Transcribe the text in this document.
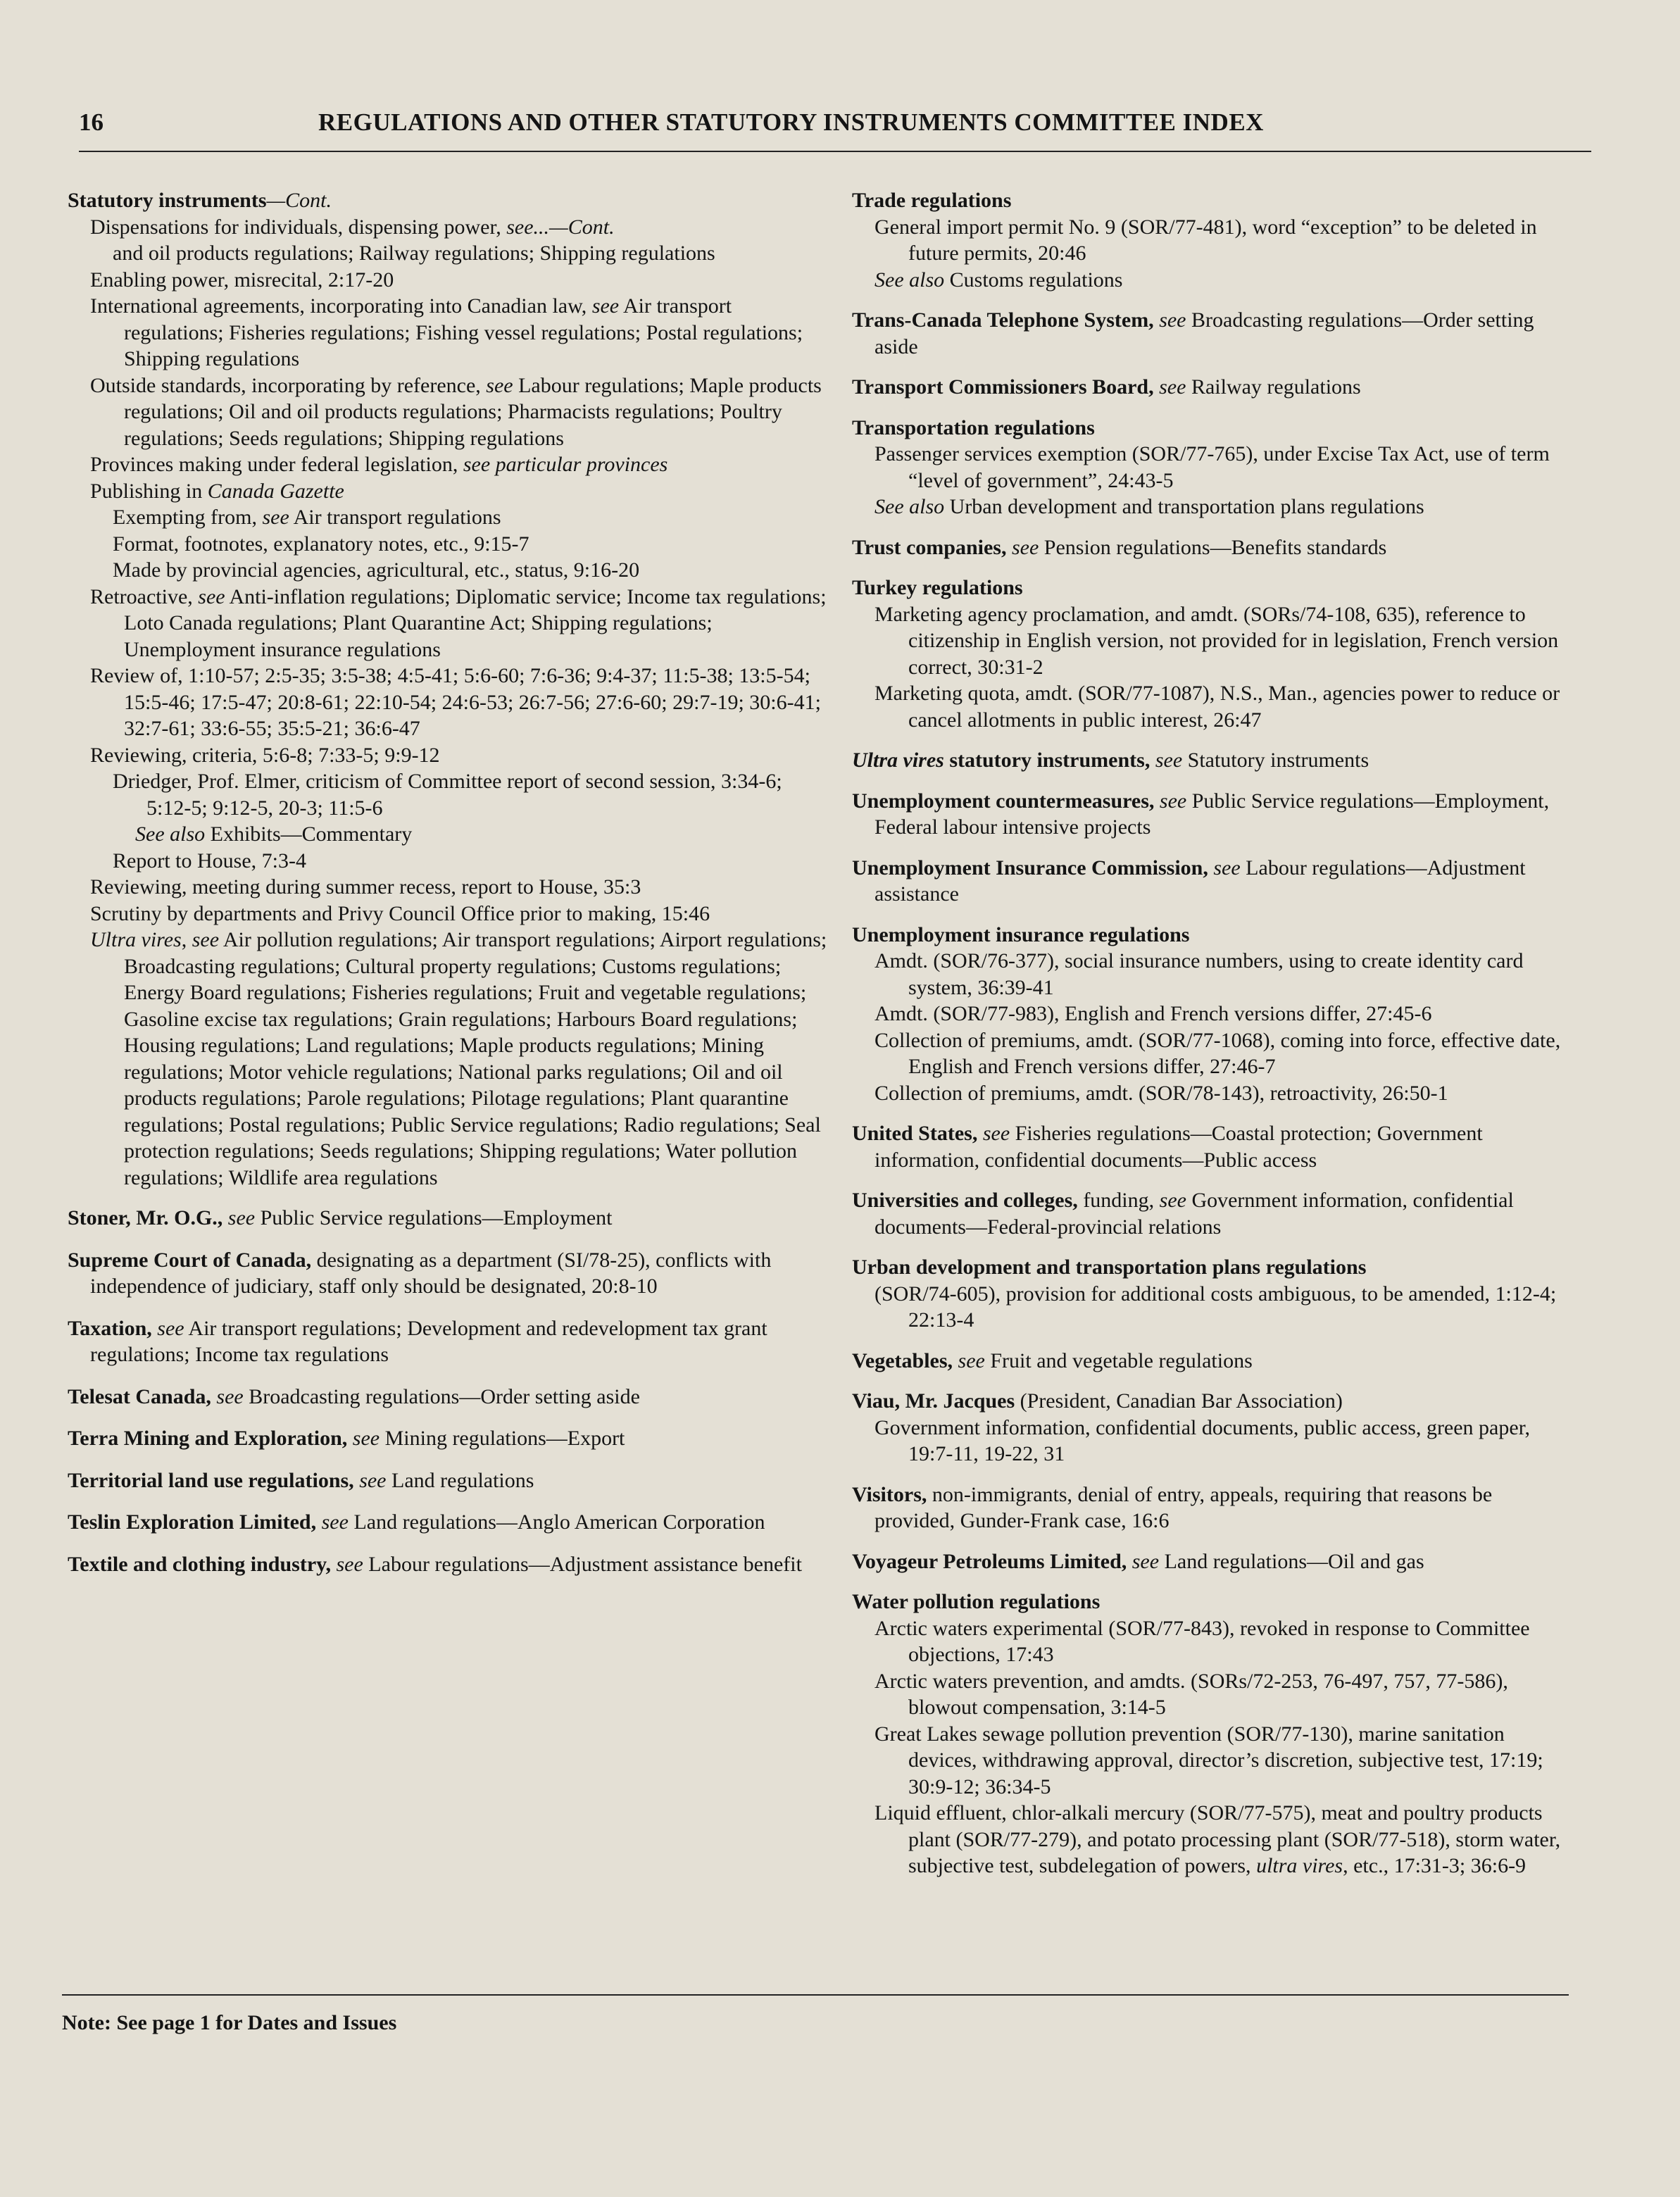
16	REGULATIONS AND OTHER STATUTORY INSTRUMENTS COMMITTEE INDEX
Statutory instruments—Cont.
Dispensations for individuals, dispensing power, see...—Cont.
and oil products regulations; Railway regulations; Shipping regulations
Enabling power, misrecital, 2:17-20
International agreements, incorporating into Canadian law, see Air transport regulations; Fisheries regulations; Fishing vessel regulations; Postal regulations; Shipping regulations
Outside standards, incorporating by reference, see Labour regulations; Maple products regulations; Oil and oil products regulations; Pharmacists regulations; Poultry regulations; Seeds regulations; Shipping regulations
Provinces making under federal legislation, see particular provinces
Publishing in Canada Gazette
Exempting from, see Air transport regulations
Format, footnotes, explanatory notes, etc., 9:15-7
Made by provincial agencies, agricultural, etc., status, 9:16-20
Retroactive, see Anti-inflation regulations; Diplomatic service; Income tax regulations; Loto Canada regulations; Plant Quarantine Act; Shipping regulations; Unemployment insurance regulations
Review of, 1:10-57; 2:5-35; 3:5-38; 4:5-41; 5:6-60; 7:6-36; 9:4-37; 11:5-38; 13:5-54; 15:5-46; 17:5-47; 20:8-61; 22:10-54; 24:6-53; 26:7-56; 27:6-60; 29:7-19; 30:6-41; 32:7-61; 33:6-55; 35:5-21; 36:6-47
Reviewing, criteria, 5:6-8; 7:33-5; 9:9-12
Driedger, Prof. Elmer, criticism of Committee report of second session, 3:34-6; 5:12-5; 9:12-5, 20-3; 11:5-6
See also Exhibits—Commentary
Report to House, 7:3-4
Reviewing, meeting during summer recess, report to House, 35:3
Scrutiny by departments and Privy Council Office prior to making, 15:46
Ultra vires, see Air pollution regulations; Air transport regulations; Airport regulations; Broadcasting regulations; Cultural property regulations; Customs regulations; Energy Board regulations; Fisheries regulations; Fruit and vegetable regulations; Gasoline excise tax regulations; Grain regulations; Harbours Board regulations; Housing regulations; Land regulations; Maple products regulations; Mining regulations; Motor vehicle regulations; National parks regulations; Oil and oil products regulations; Parole regulations; Pilotage regulations; Plant quarantine regulations; Postal regulations; Public Service regulations; Radio regulations; Seal protection regulations; Seeds regulations; Shipping regulations; Water pollution regulations; Wildlife area regulations
Stoner, Mr. O.G., see Public Service regulations—Employment
Supreme Court of Canada, designating as a department (SI/78-25), conflicts with independence of judiciary, staff only should be designated, 20:8-10
Taxation, see Air transport regulations; Development and redevelopment tax grant regulations; Income tax regulations
Telesat Canada, see Broadcasting regulations—Order setting aside
Terra Mining and Exploration, see Mining regulations—Export
Territorial land use regulations, see Land regulations
Teslin Exploration Limited, see Land regulations—Anglo American Corporation
Textile and clothing industry, see Labour regulations—Adjustment assistance benefit
Trade regulations
General import permit No. 9 (SOR/77-481), word “exception” to be deleted in future permits, 20:46
See also Customs regulations
Trans-Canada Telephone System, see Broadcasting regulations—Order setting aside
Transport Commissioners Board, see Railway regulations
Transportation regulations
Passenger services exemption (SOR/77-765), under Excise Tax Act, use of term “level of government”, 24:43-5
See also Urban development and transportation plans regulations
Trust companies, see Pension regulations—Benefits standards
Turkey regulations
Marketing agency proclamation, and amdt. (SORs/74-108, 635), reference to citizenship in English version, not provided for in legislation, French version correct, 30:31-2
Marketing quota, amdt. (SOR/77-1087), N.S., Man., agencies power to reduce or cancel allotments in public interest, 26:47
Ultra vires statutory instruments, see Statutory instruments
Unemployment countermeasures, see Public Service regulations—Employment, Federal labour intensive projects
Unemployment Insurance Commission, see Labour regulations—Adjustment assistance
Unemployment insurance regulations
Amdt. (SOR/76-377), social insurance numbers, using to create identity card system, 36:39-41
Amdt. (SOR/77-983), English and French versions differ, 27:45-6
Collection of premiums, amdt. (SOR/77-1068), coming into force, effective date, English and French versions differ, 27:46-7
Collection of premiums, amdt. (SOR/78-143), retroactivity, 26:50-1
United States, see Fisheries regulations—Coastal protection; Government information, confidential documents—Public access
Universities and colleges, funding, see Government information, confidential documents—Federal-provincial relations
Urban development and transportation plans regulations
(SOR/74-605), provision for additional costs ambiguous, to be amended, 1:12-4; 22:13-4
Vegetables, see Fruit and vegetable regulations
Viau, Mr. Jacques (President, Canadian Bar Association)
Government information, confidential documents, public access, green paper, 19:7-11, 19-22, 31
Visitors, non-immigrants, denial of entry, appeals, requiring that reasons be provided, Gunder-Frank case, 16:6
Voyageur Petroleums Limited, see Land regulations—Oil and gas
Water pollution regulations
Arctic waters experimental (SOR/77-843), revoked in response to Committee objections, 17:43
Arctic waters prevention, and amdts. (SORs/72-253, 76-497, 757, 77-586), blowout compensation, 3:14-5
Great Lakes sewage pollution prevention (SOR/77-130), marine sanitation devices, withdrawing approval, director’s discretion, subjective test, 17:19; 30:9-12; 36:34-5
Liquid effluent, chlor-alkali mercury (SOR/77-575), meat and poultry products plant (SOR/77-279), and potato processing plant (SOR/77-518), storm water, subjective test, subdelegation of powers, ultra vires, etc., 17:31-3; 36:6-9
Note: See page 1 for Dates and Issues
